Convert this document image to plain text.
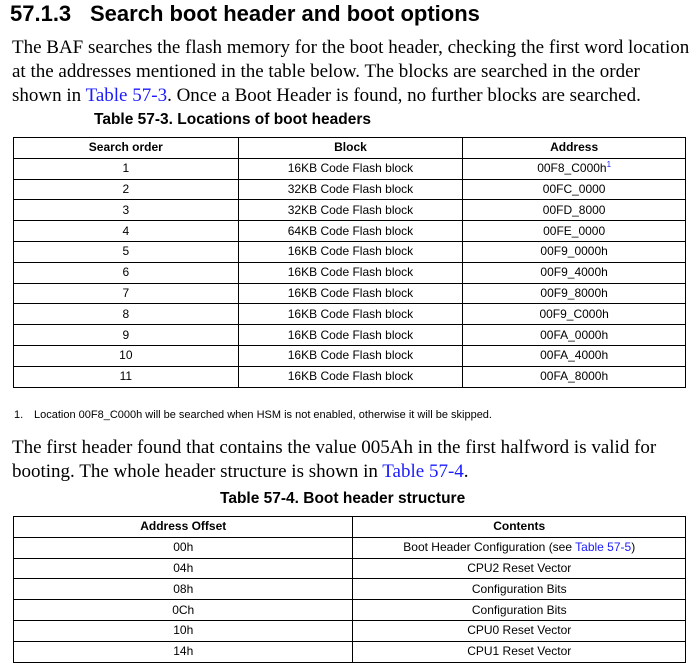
57.1.3 Search boot header and boot options

The BAF searches the flash memory for the boot header, checking the first word location at the addresses mentioned in the table below. The blocks are searched in the order shown in Table 57-3. Once a Boot Header is found, no further blocks are searched.

Table 57-3. Locations of boot headers
Search order	Block	Address
1	16KB Code Flash block	$00F8\_C000h^1$
2	32KB Code Flash block	00FC_0000
3	32KB Code Flash block	00FD_8000
4	64KB Code Flash block	00FE_0000
5	16KB Code Flash block	00F9_0000h
6	16KB Code Flash block	00F9_4000h
7	16KB Code Flash block	00F9_8000h
8	16KB Code Flash block	00F9_C000h
9	16KB Code Flash block	00FA_0000h
10	16KB Code Flash block	00FA_4000h
11	16KB Code Flash block	00FA_8000h

1. Location 00F8_C000h will be searched when HSM is not enabled, otherwise it will be skipped.

The first header found that contains the value 005Ah in the first halfword is valid for booting. The whole header structure is shown in Table 57-4.

Table 57-4. Boot header structure
Address Offset	Contents
00h	Boot Header Configuration (see Table 57-5)
04h	CPU2 Reset Vector
08h	Configuration Bits
0Ch	Configuration Bits
10h	CPU0 Reset Vector
14h	CPU1 Reset Vector
